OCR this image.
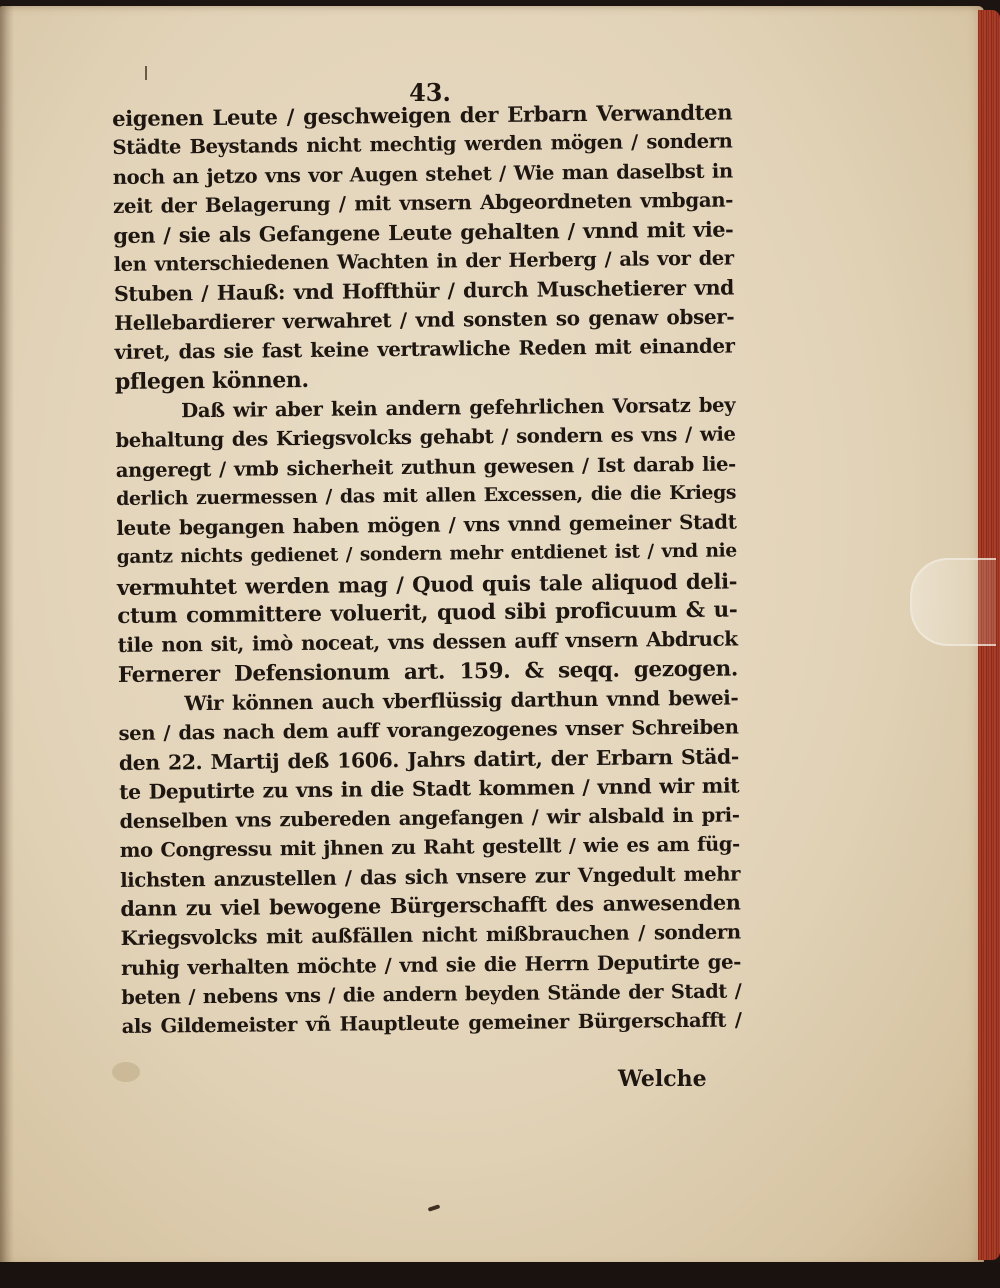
43.
eigenen Leute / geschweigen der Erbarn Verwandten
Städte Beystands nicht mechtig werden mögen / sondern
noch an jetzo vns vor Augen stehet / Wie man daselbst in
zeit der Belagerung / mit vnsern Abgeordneten vmbgan-
gen / sie als Gefangene Leute gehalten / vnnd mit vie-
len vnterschiedenen Wachten in der Herberg / als vor der
Stuben / Hauß: vnd Hoffthür / durch Muschetierer vnd
Hellebardierer verwahret / vnd sonsten so genaw obser-
viret, das sie fast keine vertrawliche Reden mit einander
pflegen können.
Daß wir aber kein andern gefehrlichen Vorsatz bey
behaltung des Kriegsvolcks gehabt / sondern es vns / wie
angeregt / vmb sicherheit zuthun gewesen / Ist darab lie-
derlich zuermessen / das mit allen Excessen, die die Kriegs
leute begangen haben mögen / vns vnnd gemeiner Stadt
gantz nichts gedienet / sondern mehr entdienet ist / vnd nie
vermuhtet werden mag / Quod quis tale aliquod deli-
ctum committere voluerit, quod sibi proficuum & u-
tile non sit, imò noceat, vns dessen auff vnsern Abdruck
Fernerer Defensionum art. 159. & seqq. gezogen.
Wir können auch vberflüssig darthun vnnd bewei-
sen / das nach dem auff vorangezogenes vnser Schreiben
den 22. Martij deß 1606. Jahrs datirt, der Erbarn Städ-
te Deputirte zu vns in die Stadt kommen / vnnd wir mit
denselben vns zubereden angefangen / wir alsbald in pri-
mo Congressu mit jhnen zu Raht gestellt / wie es am füg-
lichsten anzustellen / das sich vnsere zur Vngedult mehr
dann zu viel bewogene Bürgerschafft des anwesenden
Kriegsvolcks mit außfällen nicht mißbrauchen / sondern
ruhig verhalten möchte / vnd sie die Herrn Deputirte ge-
beten / nebens vns / die andern beyden Stände der Stadt /
als Gildemeister vñ Hauptleute gemeiner Bürgerschafft /
Welche
